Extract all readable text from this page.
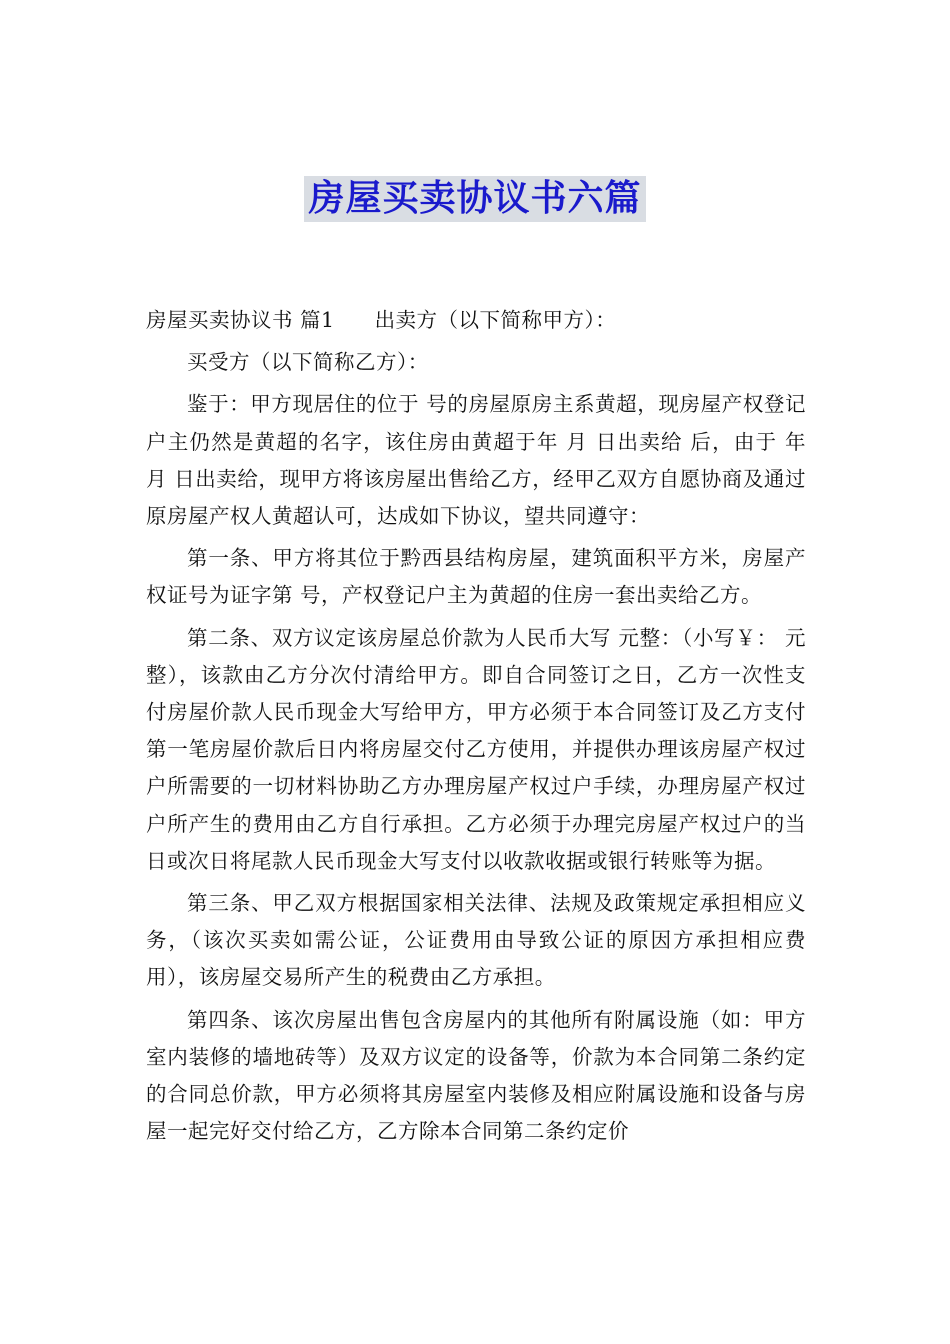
房屋买卖协议书六篇

房屋买卖协议书 篇1 出卖方（以下简称甲方）：

买受方（以下简称乙方）：

鉴于：甲方现居住的位于 号的房屋原房主系黄超，现房屋产权登记户主仍然是黄超的名字，该住房由黄超于年 月 日出卖给 后，由于 年 月 日出卖给，现甲方将该房屋出售给乙方，经甲乙双方自愿协商及通过原房屋产权人黄超认可，达成如下协议，望共同遵守：

第一条、甲方将其位于黔西县结构房屋，建筑面积平方米，房屋产权证号为证字第 号，产权登记户主为黄超的住房一套出卖给乙方。

第二条、双方议定该房屋总价款为人民币大写 元整：（小写￥： 元整），该款由乙方分次付清给甲方。即自合同签订之日，乙方一次性支付房屋价款人民币现金大写给甲方，甲方必须于本合同签订及乙方支付第一笔房屋价款后日内将房屋交付乙方使用，并提供办理该房屋产权过户所需要的一切材料协助乙方办理房屋产权过户手续，办理房屋产权过户所产生的费用由乙方自行承担。乙方必须于办理完房屋产权过户的当日或次日将尾款人民币现金大写支付以收款收据或银行转账等为据。

第三条、甲乙双方根据国家相关法律、法规及政策规定承担相应义务，（该次买卖如需公证，公证费用由导致公证的原因方承担相应费用），该房屋交易所产生的税费由乙方承担。

第四条、该次房屋出售包含房屋内的其他所有附属设施（如：甲方室内装修的墙地砖等）及双方议定的设备等，价款为本合同第二条约定的合同总价款，甲方必须将其房屋室内装修及相应附属设施和设备与房屋一起完好交付给乙方，乙方除本合同第二条约定价
